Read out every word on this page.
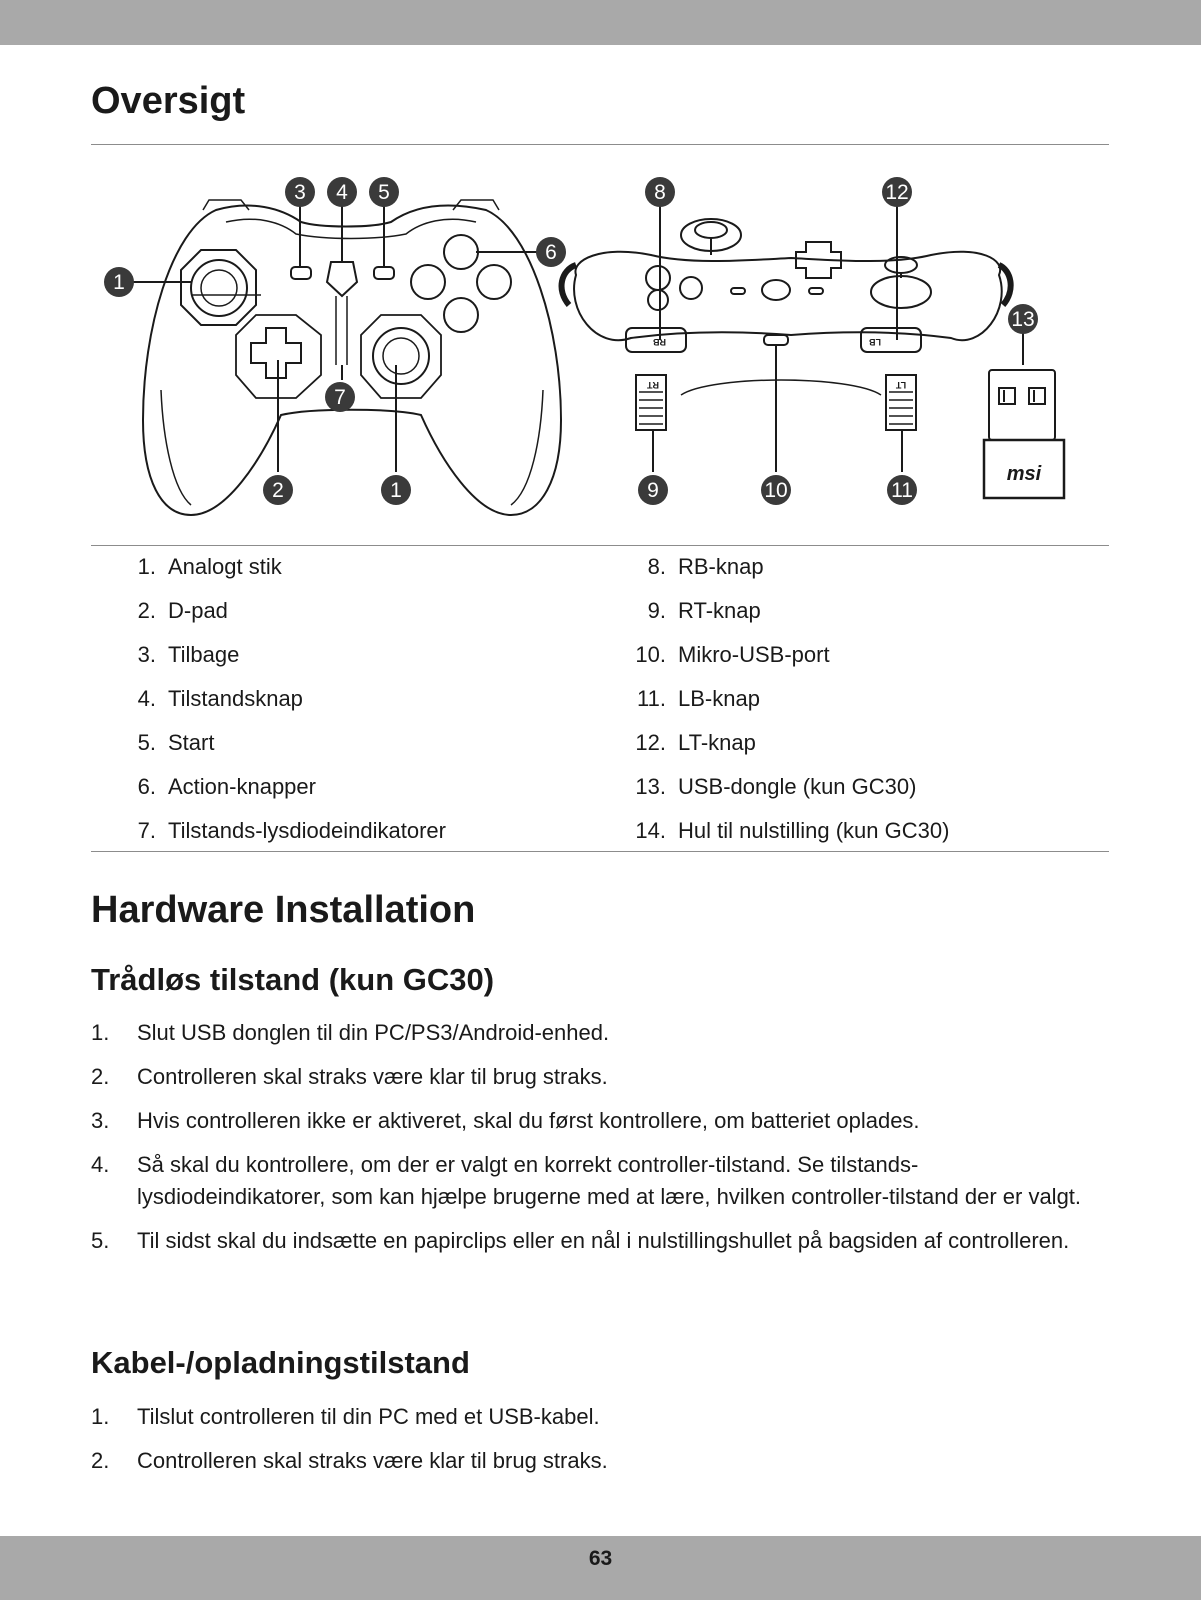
Oversigt
RB	LB
RT	LT
msi
1
2
3 4 5
6
7
1
8
9	10	11
12
13
1. Analogt stik
2. D-pad
3. Tilbage
4. Tilstandsknap
5. Start
6. Action-knapper
7. Tilstands-lysdiodeindikatorer
8. RB-knap
9. RT-knap
10. Mikro-USB-port
11. LB-knap
12. LT-knap
13. USB-dongle (kun GC30)
14. Hul til nulstilling (kun GC30)
Hardware Installation
Trådløs tilstand (kun GC30)
1. Slut USB donglen til din PC/PS3/Android-enhed.
2. Controlleren skal straks være klar til brug straks.
3. Hvis controlleren ikke er aktiveret, skal du først kontrollere, om batteriet oplades.
4. Så skal du kontrollere, om der er valgt en korrekt controller-tilstand. Se tilstands-lysdiodeindikatorer, som kan hjælpe brugerne med at lære, hvilken controller-tilstand der er valgt.
5. Til sidst skal du indsætte en papirclips eller en nål i nulstillingshullet på bagsiden af controlleren.
Kabel-/opladningstilstand
1. Tilslut controlleren til din PC med et USB-kabel.
2. Controlleren skal straks være klar til brug straks.
63
